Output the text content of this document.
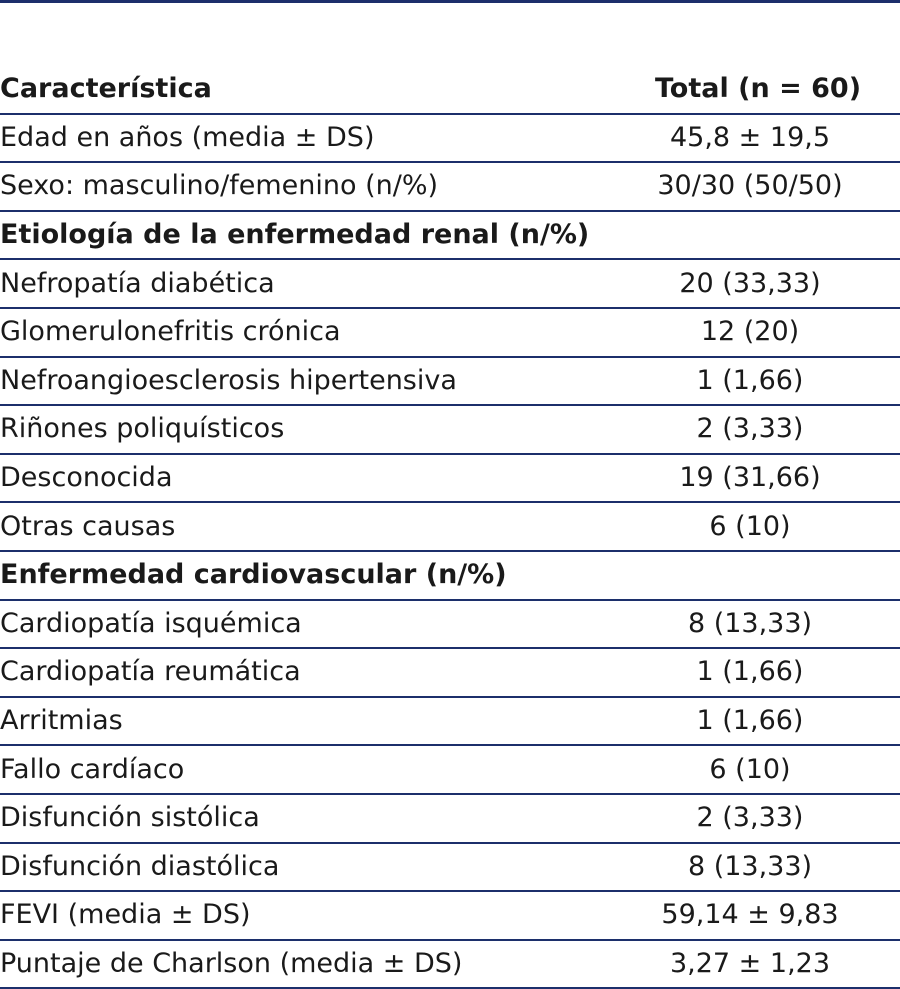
Característica	Total (n = 60)
Edad en años (media ± DS)	45,8 ± 19,5
Sexo: masculino/femenino (n/%)	30/30 (50/50)
Etiología de la enfermedad renal (n/%)	
Nefropatía diabética	20 (33,33)
Glomerulonefritis crónica	12 (20)
Nefroangioesclerosis hipertensiva	1 (1,66)
Riñones poliquísticos	2 (3,33)
Desconocida	19 (31,66)
Otras causas	6 (10)
Enfermedad cardiovascular (n/%)	
Cardiopatía isquémica	8 (13,33)
Cardiopatía reumática	1 (1,66)
Arritmias	1 (1,66)
Fallo cardíaco	6 (10)
Disfunción sistólica	2 (3,33)
Disfunción diastólica	8 (13,33)
FEVI (media ± DS)	59,14 ± 9,83
Puntaje de Charlson (media ± DS)	3,27 ± 1,23
